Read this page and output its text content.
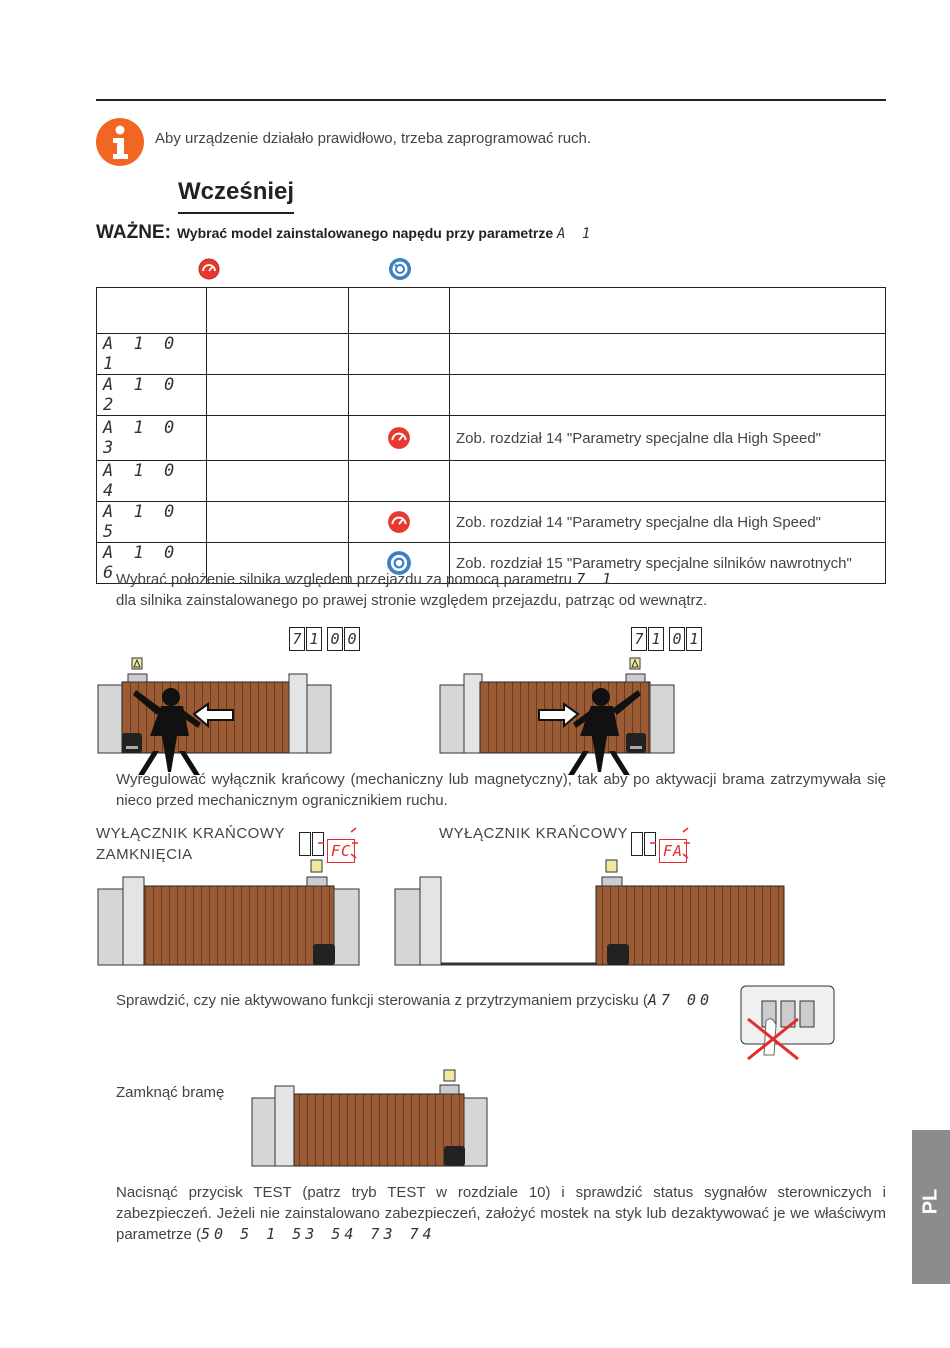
Aby urządzenie działało prawidłowo, trzeba zaprogramować ruch.
Wcześniej
WAŻNE: Wybrać model zainstalowanego napędu przy parametrze A 1

A 1 0 1			
A 1 0 2			
A 1 0 3			Zob. rozdział 14 "Parametry specjalne dla High Speed"
A 1 0 4			
A 1 0 5			Zob. rozdział 14 "Parametry specjalne dla High Speed"
A 1 0 6			Zob. rozdział 15 "Parametry specjalne silników nawrotnych"
Wybrać położenie silnika względem przejazdu za pomocą parametru 7 1
dla silnika zainstalowanego po prawej stronie względem przejazdu, patrząc od wewnątrz.
7 1 0 0	7 1 0 1
Wyregulować wyłącznik krańcowy (mechaniczny lub magnetyczny), tak aby po aktywacji brama zatrzymywała się nieco przed mechanicznym ogranicznikiem ruchu.
WYŁĄCZNIK KRAŃCOWY
ZAMKNIĘCIA
WYŁĄCZNIK KRAŃCOWY
FC	FA
Sprawdzić, czy nie aktywowano funkcji sterowania z przytrzymaniem przycisku (A7 00
Zamknąć bramę
Nacisnąć przycisk TEST (patrz tryb TEST w rozdziale 10) i sprawdzić status sygnałów sterowniczych i zabezpieczeń. Jeżeli nie zainstalowano zabezpieczeń, założyć mostek na styk lub dezaktywować je we właściwym parametrze (50 5 1 53 54 73 74
PL
